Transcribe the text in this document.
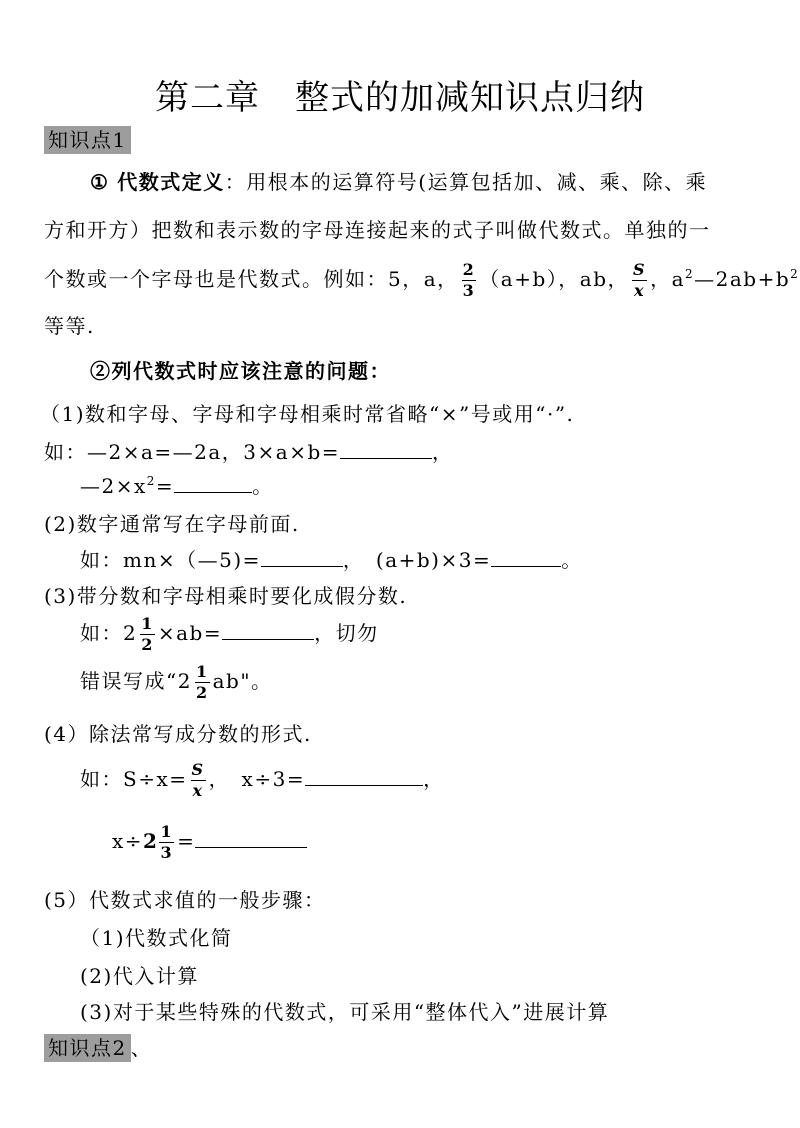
第二章　整式的加减知识点归纳
知识点1
① 代数式定义：用根本的运算符号(运算包括加、减、乘、除、乘
方和开方）把数和表示数的字母连接起来的式子叫做代数式。单独的一
个数或一个字母也是代数式。例如：5，a， $\frac{2}{3} (a+b)$，ab， $\frac{S}{x}$ ，$a^2—2ab+b^2$
等等.
②列代数式时应该注意的问题：
（1)数和字母、字母和字母相乘时常省略“×”号或用“·”.
如：—2×a=—2a，3×a×b=	，
$—2\times x^2=$	。
(2)数字通常写在字母前面.
如：mn×（—5)=	，　(a+b)×3=	。
(3)带分数和字母相乘时要化成假分数.
如：$2 \frac{1}{2} \times ab=$	，切勿
错误写成“$2 \frac{1}{2}$ ab"。
(4）除法常写成分数的形式.
如：$S\div x= \frac{S}{x}$ ，　x÷3=	，
$x\div 2 \frac{1}{3}$ =
(5）代数式求值的一般步骤：
（1)代数式化简
(2)代入计算
(3)对于某些特殊的代数式，可采用“整体代入”进展计算
知识点2 、
